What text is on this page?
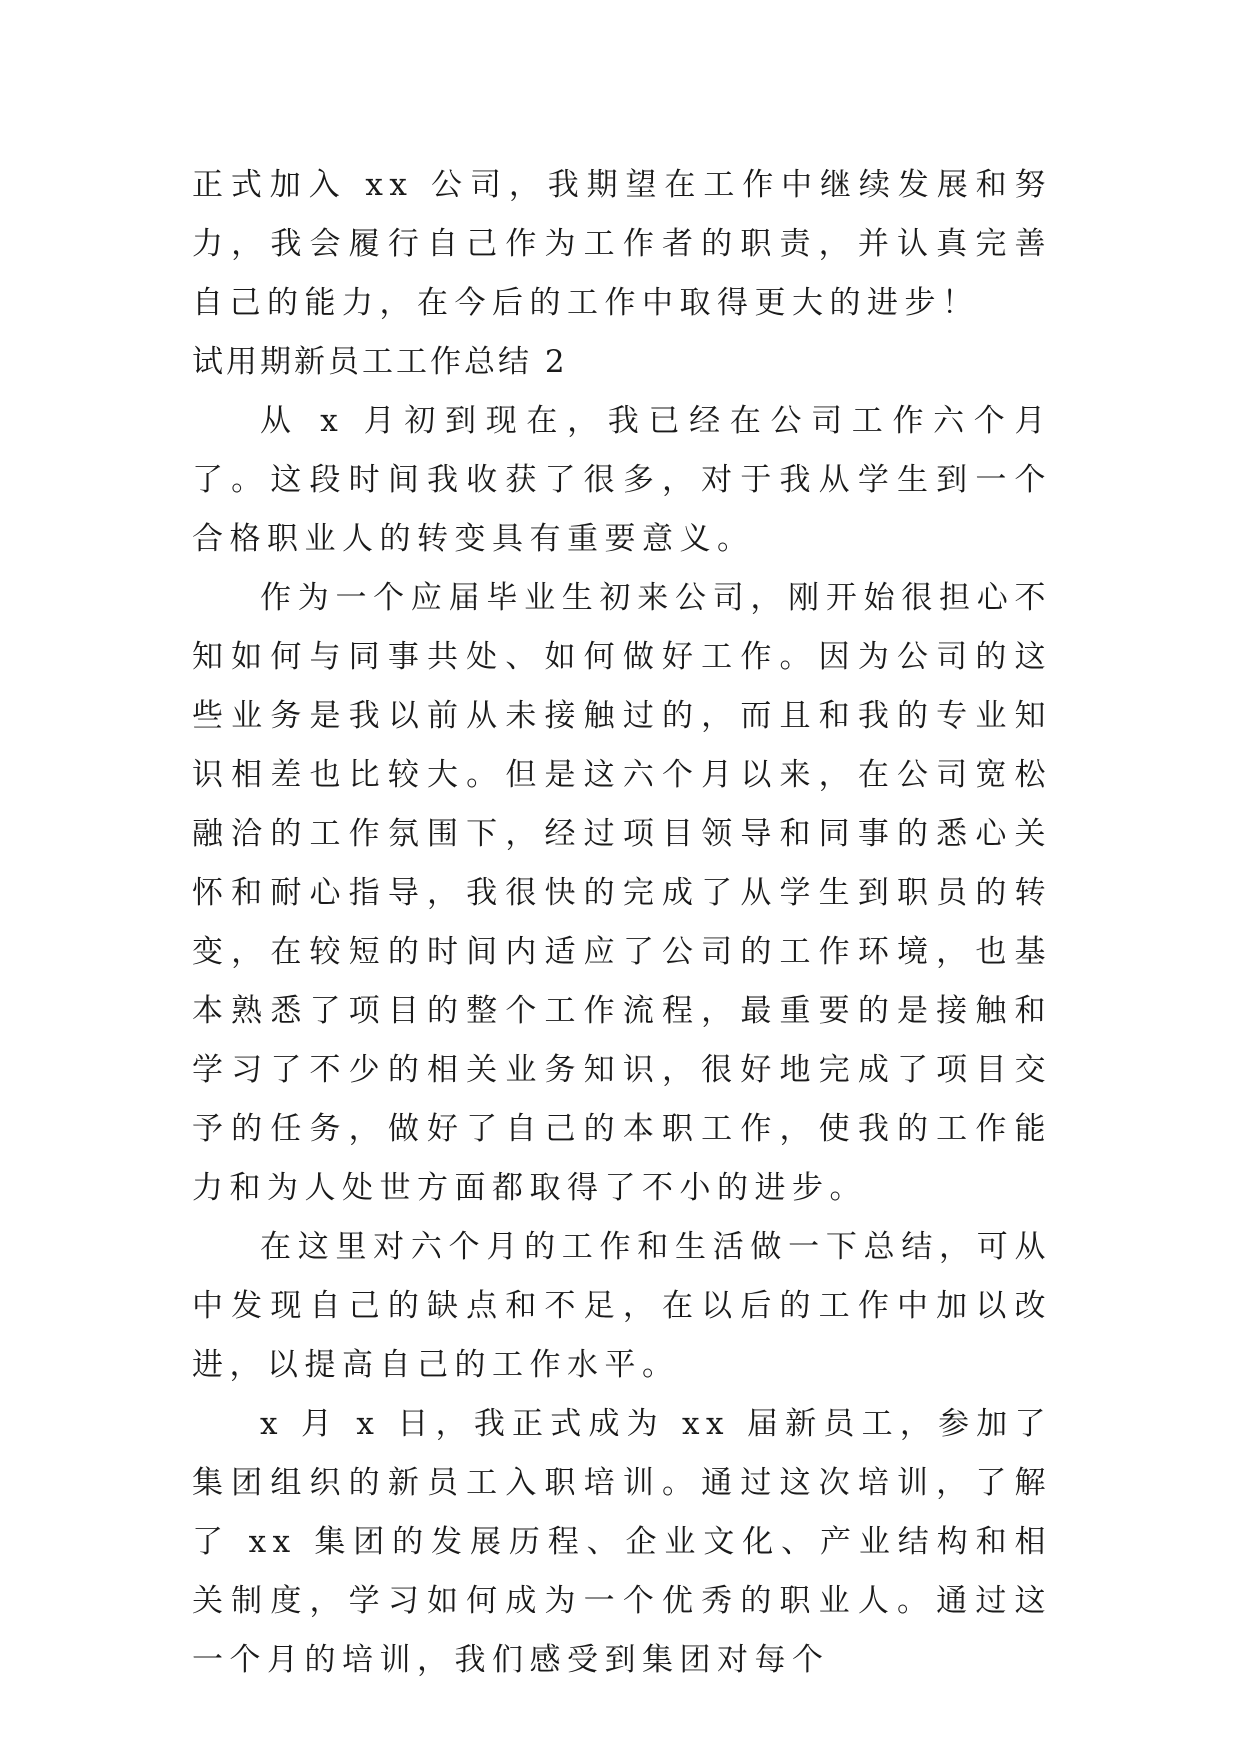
正式加入 xx 公司，我期望在工作中继续发展和努力，我会履行自己作为工作者的职责，并认真完善自己的能力，在今后的工作中取得更大的进步！

试用期新员工工作总结 2

从 x 月初到现在，我已经在公司工作六个月了。这段时间我收获了很多，对于我从学生到一个合格职业人的转变具有重要意义。

作为一个应届毕业生初来公司，刚开始很担心不知如何与同事共处、如何做好工作。因为公司的这些业务是我以前从未接触过的，而且和我的专业知识相差也比较大。但是这六个月以来，在公司宽松融洽的工作氛围下，经过项目领导和同事的悉心关怀和耐心指导，我很快的完成了从学生到职员的转变，在较短的时间内适应了公司的工作环境，也基本熟悉了项目的整个工作流程，最重要的是接触和学习了不少的相关业务知识，很好地完成了项目交予的任务，做好了自己的本职工作，使我的工作能力和为人处世方面都取得了不小的进步。

在这里对六个月的工作和生活做一下总结，可从中发现自己的缺点和不足，在以后的工作中加以改进，以提高自己的工作水平。

x 月 x 日，我正式成为 xx 届新员工，参加了集团组织的新员工入职培训。通过这次培训，了解了 xx 集团的发展历程、企业文化、产业结构和相关制度，学习如何成为一个优秀的职业人。通过这一个月的培训，我们感受到集团对每个
